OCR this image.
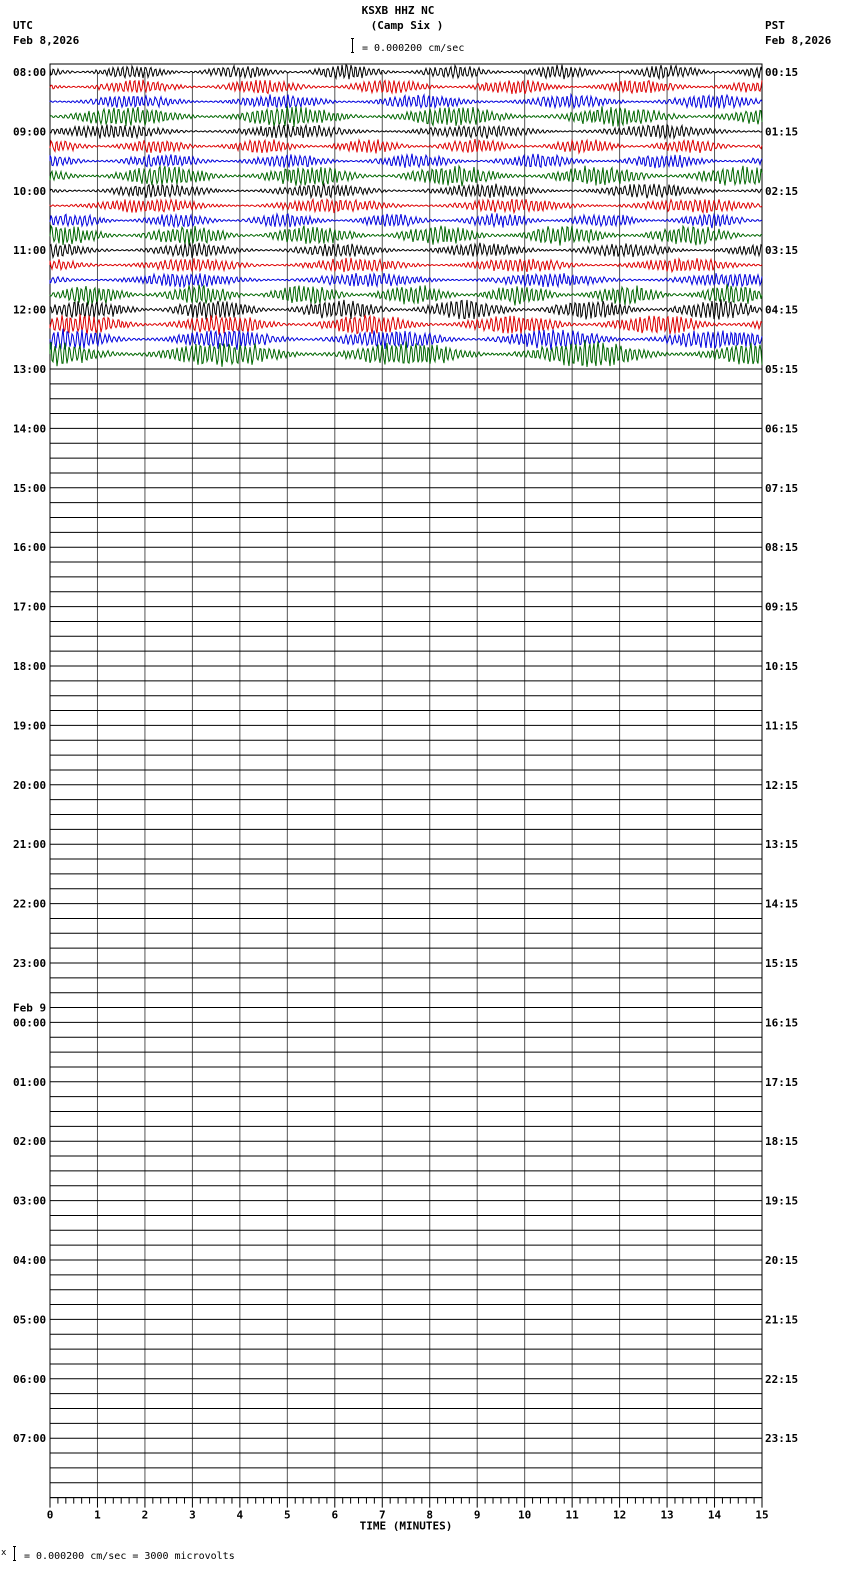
KSXB HHZ NC
(Camp Six )
UTC
Feb 8,2026
PST
Feb 8,2026
= 0.000200 cm/sec
08:00
09:00
10:00
11:00
12:00
13:00
14:00
15:00
16:00
17:00
18:00
19:00
20:00
21:00
22:00
23:00
00:00
01:00
02:00
03:00
04:00
05:00
06:00
07:00
00:15
01:15
02:15
03:15
04:15
05:15
06:15
07:15
08:15
09:15
10:15
11:15
12:15
13:15
14:15
15:15
16:15
17:15
18:15
19:15
20:15
21:15
22:15
23:15
Feb 9
0	1	2	3	4	5	6	7	8	9	10	11	12	13	14	15
TIME (MINUTES)
x = 0.000200 cm/sec = 3000 microvolts
